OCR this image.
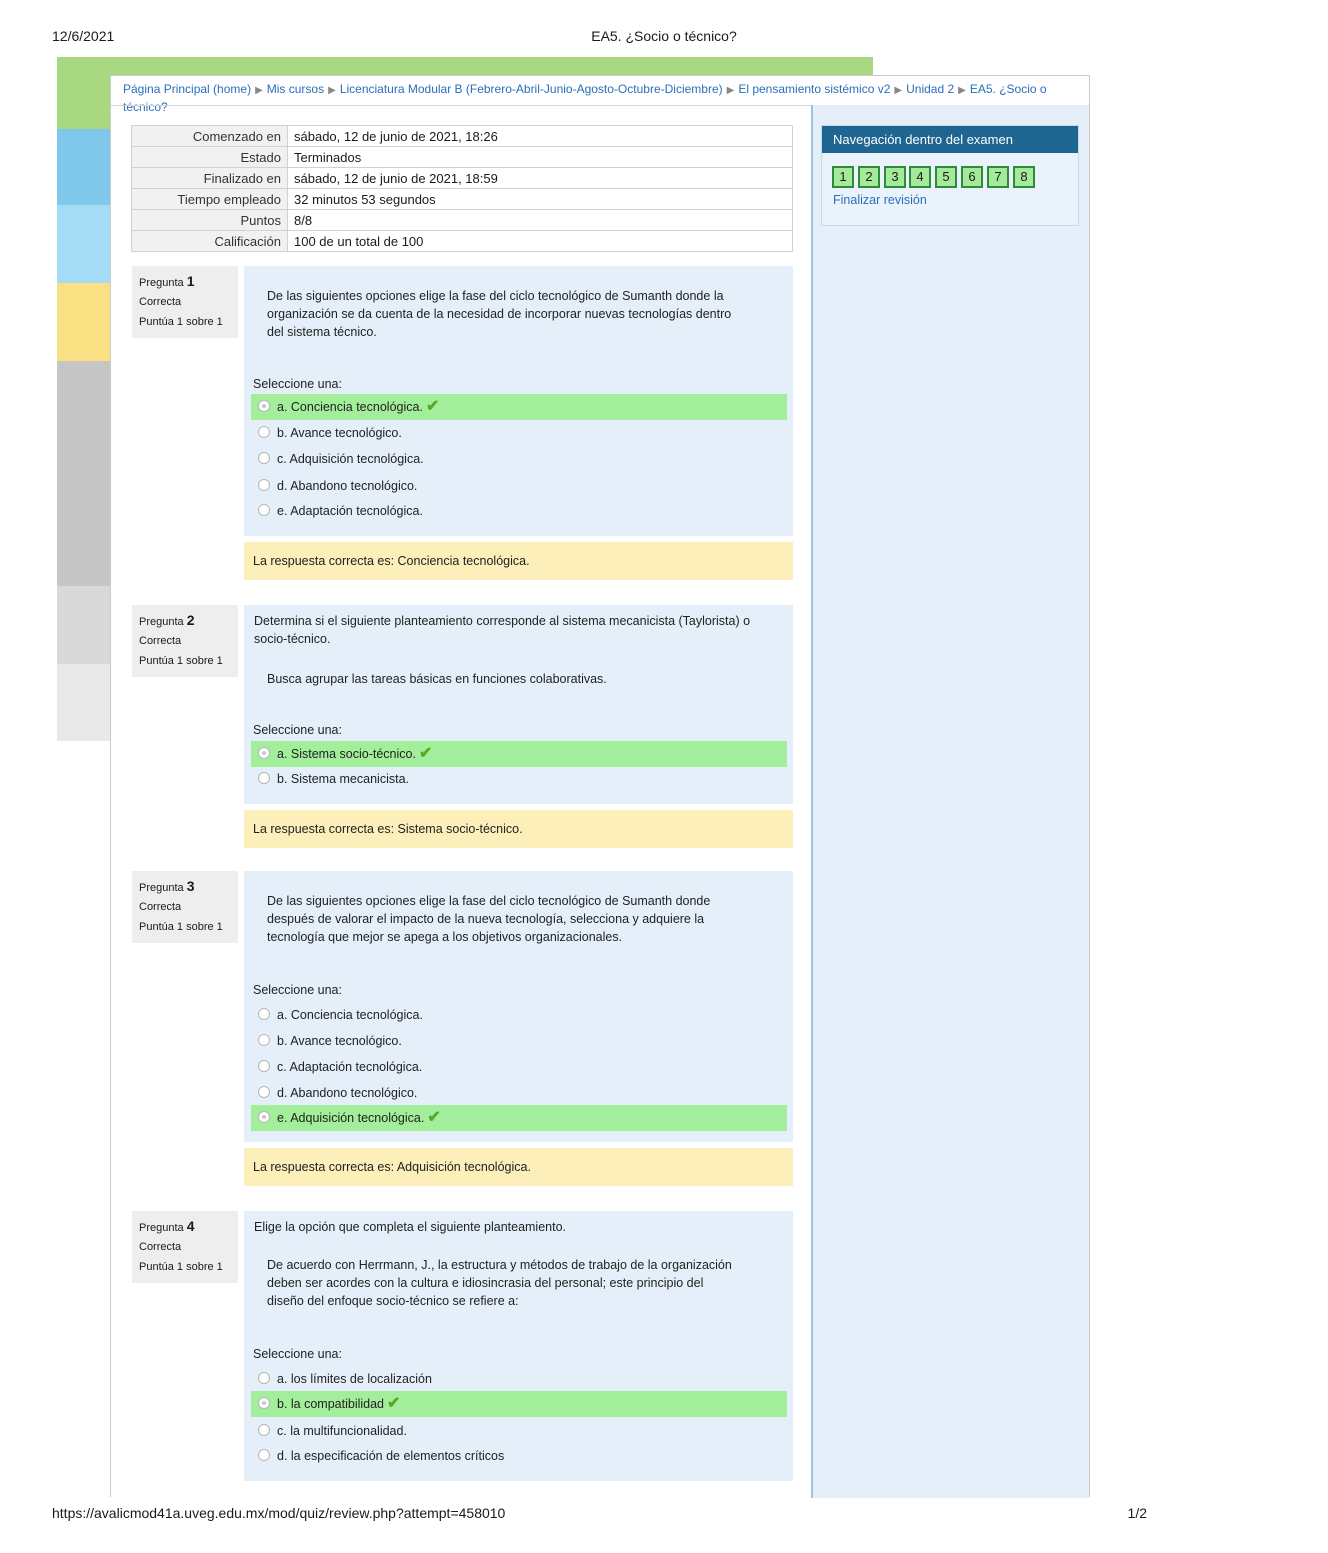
12/6/2021	EA5. ¿Socio o técnico?
Página Principal (home) ▶ Mis cursos ▶ Licenciatura Modular B (Febrero-Abril-Junio-Agosto-Octubre-Diciembre) ▶ El pensamiento sistémico v2 ▶ Unidad 2 ▶ EA5. ¿Socio o técnico?
Comenzado en	sábado, 12 de junio de 2021, 18:26
Estado	Terminados
Finalizado en	sábado, 12 de junio de 2021, 18:59
Tiempo empleado	32 minutos 53 segundos
Puntos	8/8
Calificación	100 de un total de 100
Pregunta 1
Correcta
Puntúa 1 sobre 1
De las siguientes opciones elige la fase del ciclo tecnológico de Sumanth donde la
organización se da cuenta de la necesidad de incorporar nuevas tecnologías dentro
del sistema técnico.
Seleccione una:
a. Conciencia tecnológica. ✔
b. Avance tecnológico.
c. Adquisición tecnológica.
d. Abandono tecnológico.
e. Adaptación tecnológica.
La respuesta correcta es: Conciencia tecnológica.
Pregunta 2
Correcta
Puntúa 1 sobre 1
Determina si el siguiente planteamiento corresponde al sistema mecanicista (Taylorista) o
socio-técnico.
Busca agrupar las tareas básicas en funciones colaborativas.
Seleccione una:
a. Sistema socio-técnico. ✔
b. Sistema mecanicista.
La respuesta correcta es: Sistema socio-técnico.
Pregunta 3
Correcta
Puntúa 1 sobre 1
De las siguientes opciones elige la fase del ciclo tecnológico de Sumanth donde
después de valorar el impacto de la nueva tecnología, selecciona y adquiere la
tecnología que mejor se apega a los objetivos organizacionales.
Seleccione una:
a. Conciencia tecnológica.
b. Avance tecnológico.
c. Adaptación tecnológica.
d. Abandono tecnológico.
e. Adquisición tecnológica. ✔
La respuesta correcta es: Adquisición tecnológica.
Pregunta 4
Correcta
Puntúa 1 sobre 1
Elige la opción que completa el siguiente planteamiento.
De acuerdo con Herrmann, J., la estructura y métodos de trabajo de la organización
deben ser acordes con la cultura e idiosincrasia del personal; este principio del
diseño del enfoque socio-técnico se refiere a:
Seleccione una:
a. los límites de localización
b. la compatibilidad ✔
c. la multifuncionalidad.
d. la especificación de elementos críticos
Navegación dentro del examen
1	2	3	4	5	6	7	8
Finalizar revisión
https://avalicmod41a.uveg.edu.mx/mod/quiz/review.php?attempt=458010	1/2
